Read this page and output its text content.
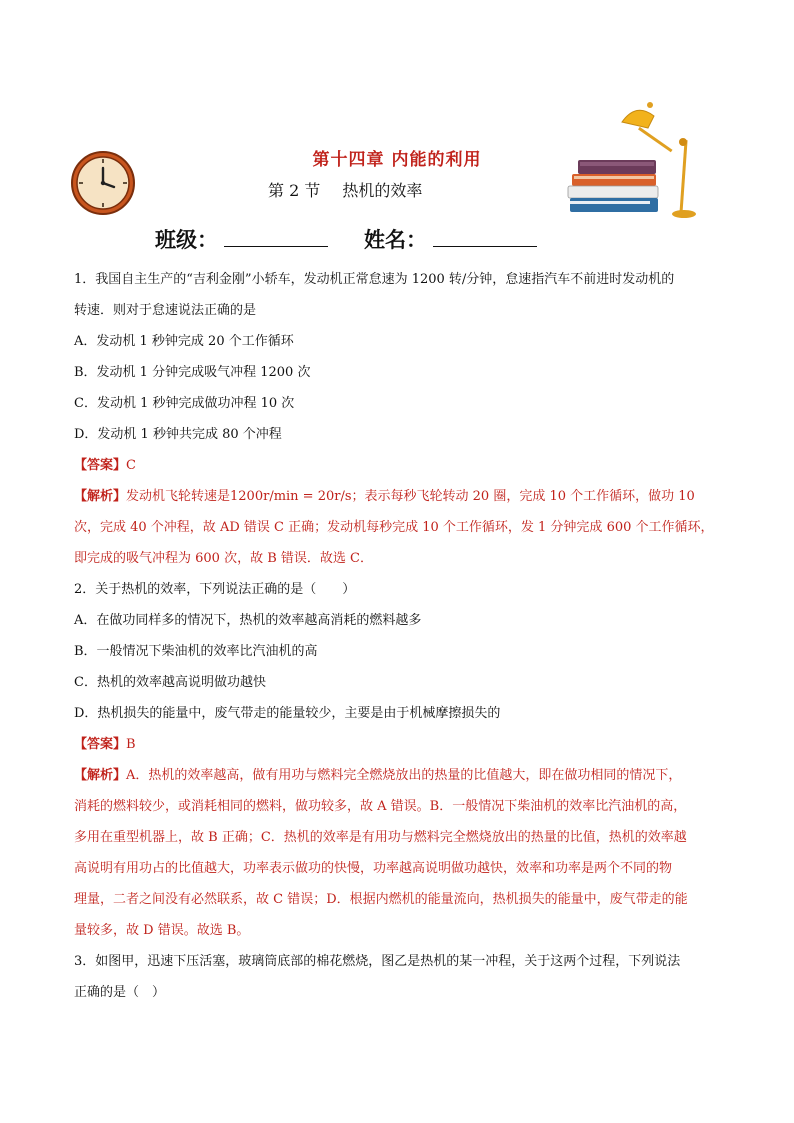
第十四章 内能的利用
第 2 节 热机的效率
班级：	姓名：

1．我国自主生产的“吉利金刚”小轿车，发动机正常怠速为 1200 转/分钟，怠速指汽车不前进时发动机的

转速．则对于怠速说法正确的是

A．发动机 1 秒钟完成 20 个工作循环

B．发动机 1 分钟完成吸气冲程 1200 次

C．发动机 1 秒钟完成做功冲程 10 次

D．发动机 1 秒钟共完成 80 个冲程

【答案】C

【解析】发动机飞轮转速是1200r/min = 20r/s；表示每秒飞轮转动 20 圈，完成 10 个工作循环，做功 10

次，完成 40 个冲程，故 AD 错误 C 正确；发动机每秒完成 10 个工作循环，发 1 分钟完成 600 个工作循环，

即完成的吸气冲程为 600 次，故 B 错误．故选 C．

2．关于热机的效率，下列说法正确的是（　　）

A．在做功同样多的情况下，热机的效率越高消耗的燃料越多

B．一般情况下柴油机的效率比汽油机的高

C．热机的效率越高说明做功越快

D．热机损失的能量中，废气带走的能量较少，主要是由于机械摩擦损失的

【答案】B

【解析】A．热机的效率越高，做有用功与燃料完全燃烧放出的热量的比值越大，即在做功相同的情况下，

消耗的燃料较少，或消耗相同的燃料，做功较多，故 A 错误。B．一般情况下柴油机的效率比汽油机的高，

多用在重型机器上，故 B 正确；C．热机的效率是有用功与燃料完全燃烧放出的热量的比值，热机的效率越

高说明有用功占的比值越大，功率表示做功的快慢，功率越高说明做功越快，效率和功率是两个不同的物

理量，二者之间没有必然联系，故 C 错误；D．根据内燃机的能量流向，热机损失的能量中，废气带走的能

量较多，故 D 错误。故选 B。

3．如图甲，迅速下压活塞，玻璃筒底部的棉花燃烧，图乙是热机的某一冲程，关于这两个过程，下列说法

正确的是（　）
